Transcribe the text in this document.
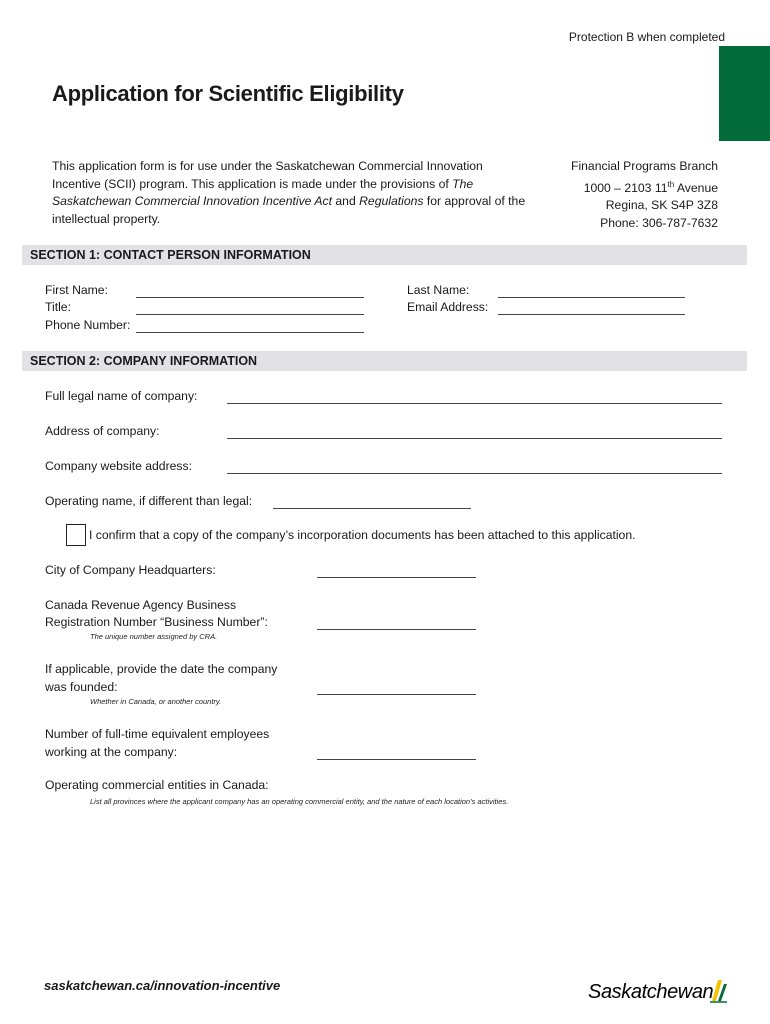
Protection B when completed
Application for Scientific Eligibility

This application form is for use under the Saskatchewan Commercial Innovation Incentive (SCII) program. This application is made under the provisions of The Saskatchewan Commercial Innovation Incentive Act and Regulations for approval of the intellectual property.

Financial Programs Branch
1000 – 2103 11th Avenue
Regina, SK S4P 3Z8
Phone: 306-787-7632
SECTION 1: CONTACT PERSON INFORMATION
First Name:
Title:
Phone Number:
Last Name:
Email Address:
SECTION 2: COMPANY INFORMATION
Full legal name of company:
Address of company:
Company website address:
Operating name, if different than legal:
I confirm that a copy of the company’s incorporation documents has been attached to this application.
City of Company Headquarters:
Canada Revenue Agency Business
Registration Number “Business Number”:
The unique number assigned by CRA.
If applicable, provide the date the company
was founded:
Whether in Canada, or another country.
Number of full-time equivalent employees
working at the company:
Operating commercial entities in Canada:
List all provinces where the applicant company has an operating commercial entity, and the nature of each location’s activities.
saskatchewan.ca/innovation-incentive	Saskatchewan
